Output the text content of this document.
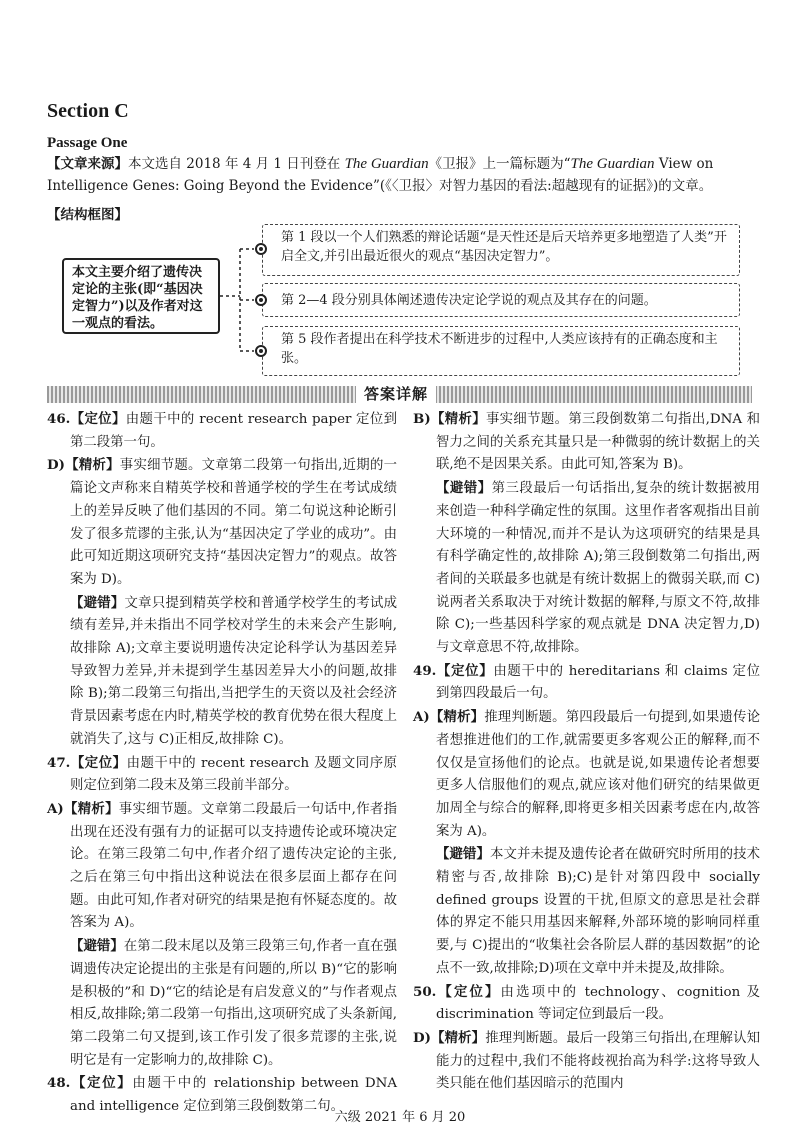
Section C
Passage One
【文章来源】本文选自 2018 年 4 月 1 日刊登在 The Guardian《卫报》上一篇标题为“The Guardian View on Intelligence Genes: Going Beyond the Evidence”(《〈卫报〉对智力基因的看法:超越现有的证据》)的文章。
【结构框图】
本文主要介绍了遗传决定论的主张(即“基因决定智力”)以及作者对这一观点的看法。
第 1 段以一个人们熟悉的辩论话题“是天性还是后天培养更多地塑造了人类”开启全文,并引出最近很火的观点“基因决定智力”。
第 2—4 段分别具体阐述遗传决定论学说的观点及其存在的问题。
第 5 段作者提出在科学技术不断进步的过程中,人类应该持有的正确态度和主张。
答案详解

46.【定位】由题干中的 recent research paper 定位到第二段第一句。

D)【精析】事实细节题。文章第二段第一句指出,近期的一篇论文声称来自精英学校和普通学校的学生在考试成绩上的差异反映了他们基因的不同。第二句说这种论断引发了很多荒谬的主张,认为“基因决定了学业的成功”。由此可知近期这项研究支持“基因决定智力”的观点。故答案为 D)。

【避错】文章只提到精英学校和普通学校学生的考试成绩有差异,并未指出不同学校对学生的未来会产生影响,故排除 A);文章主要说明遗传决定论科学认为基因差异导致智力差异,并未提到学生基因差异大小的问题,故排除 B);第二段第三句指出,当把学生的天资以及社会经济背景因素考虑在内时,精英学校的教育优势在很大程度上就消失了,这与 C)正相反,故排除 C)。

47.【定位】由题干中的 recent research 及题文同序原则定位到第二段末及第三段前半部分。

A)【精析】事实细节题。文章第二段最后一句话中,作者指出现在还没有强有力的证据可以支持遗传论或环境决定论。在第三段第二句中,作者介绍了遗传决定论的主张,之后在第三句中指出这种说法在很多层面上都存在问题。由此可知,作者对研究的结果是抱有怀疑态度的。故答案为 A)。

【避错】在第二段末尾以及第三段第三句,作者一直在强调遗传决定论提出的主张是有问题的,所以 B)“它的影响是积极的”和 D)“它的结论是有启发意义的”与作者观点相反,故排除;第二段第一句指出,这项研究成了头条新闻,第二段第二句又提到,该工作引发了很多荒谬的主张,说明它是有一定影响力的,故排除 C)。

48.【定位】由题干中的 relationship between DNA and intelligence 定位到第三段倒数第二句。

B)【精析】事实细节题。第三段倒数第二句指出,DNA 和智力之间的关系充其量只是一种微弱的统计数据上的关联,绝不是因果关系。由此可知,答案为 B)。

【避错】第三段最后一句话指出,复杂的统计数据被用来创造一种科学确定性的氛围。这里作者客观指出目前大环境的一种情况,而并不是认为这项研究的结果是具有科学确定性的,故排除 A);第三段倒数第二句指出,两者间的关联最多也就是有统计数据上的微弱关联,而 C)说两者关系取决于对统计数据的解释,与原文不符,故排除 C);一些基因科学家的观点就是 DNA 决定智力,D)与文章意思不符,故排除。

49.【定位】由题干中的 hereditarians 和 claims 定位到第四段最后一句。

A)【精析】推理判断题。第四段最后一句提到,如果遗传论者想推进他们的工作,就需要更多客观公正的解释,而不仅仅是宣扬他们的论点。也就是说,如果遗传论者想要更多人信服他们的观点,就应该对他们研究的结果做更加周全与综合的解释,即将更多相关因素考虑在内,故答案为 A)。

【避错】本文并未提及遗传论者在做研究时所用的技术精密与否,故排除 B);C)是针对第四段中 socially defined groups 设置的干扰,但原文的意思是社会群体的界定不能只用基因来解释,外部环境的影响同样重要,与 C)提出的“收集社会各阶层人群的基因数据”的论点不一致,故排除;D)项在文章中并未提及,故排除。

50.【定位】由选项中的 technology、cognition 及 discrimination 等词定位到最后一段。

D)【精析】推理判断题。最后一段第三句指出,在理解认知能力的过程中,我们不能将歧视抬高为科学:这将导致人类只能在他们基因暗示的范围内

六级 2021 年 6 月 20
